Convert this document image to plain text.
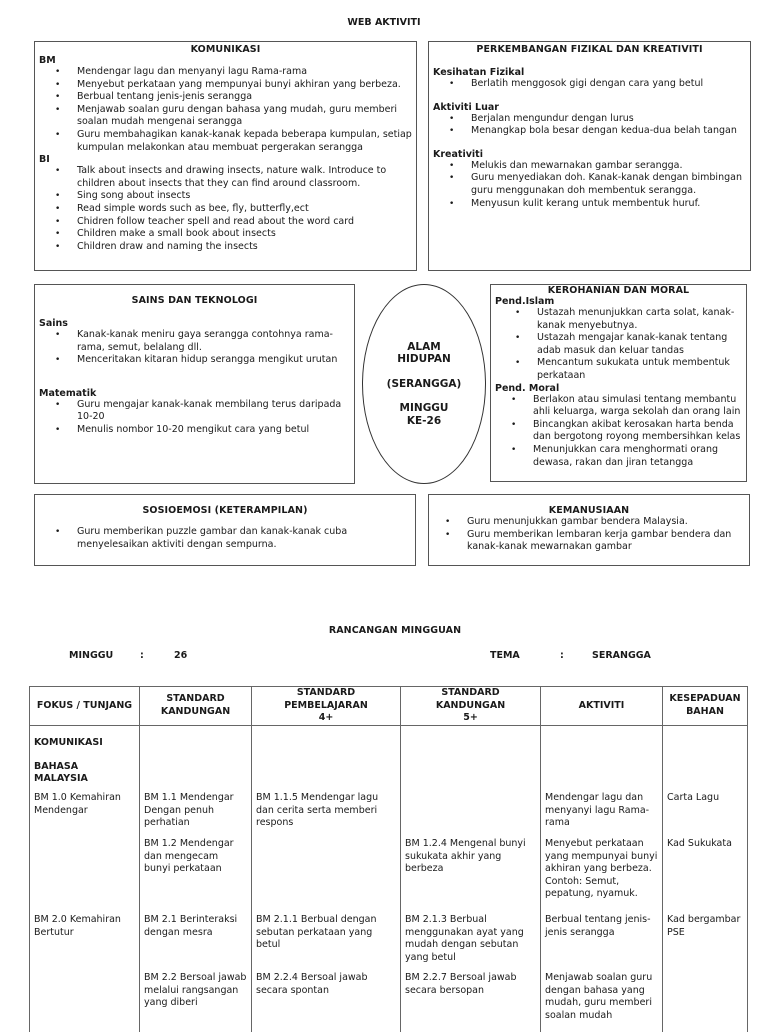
WEB AKTIVITI
KOMUNIKASI
BM
• Mendengar lagu dan menyanyi lagu Rama-rama
• Menyebut perkataan yang mempunyai bunyi akhiran yang berbeza.
• Berbual tentang jenis-jenis serangga
• Menjawab soalan guru dengan bahasa yang mudah, guru memberi soalan mudah mengenai serangga
• Guru membahagikan kanak-kanak kepada beberapa kumpulan, setiap kumpulan melakonkan atau membuat pergerakan serangga
BI
• Talk about insects and drawing insects, nature walk. Introduce to children about insects that they can find around classroom.
• Sing song about insects
• Read simple words such as bee, fly, butterfly,ect
• Chidren follow teacher spell and read about the word card
• Children make a small book about insects
• Children draw and naming the insects
PERKEMBANGAN FIZIKAL DAN KREATIVITI
Kesihatan Fizikal
• Berlatih menggosok gigi dengan cara yang betul
Aktiviti Luar
• Berjalan mengundur dengan lurus
• Menangkap bola besar dengan kedua-dua belah tangan
Kreativiti
• Melukis dan mewarnakan gambar serangga.
• Guru menyediakan doh. Kanak-kanak dengan bimbingan guru menggunakan doh membentuk serangga.
• Menyusun kulit kerang untuk membentuk huruf.
SAINS DAN TEKNOLOGI
Sains
• Kanak-kanak meniru gaya serangga contohnya rama-rama, semut, belalang dll.
• Menceritakan kitaran hidup serangga mengikut urutan
Matematik
• Guru mengajar kanak-kanak membilang terus daripada 10-20
• Menulis nombor 10-20 mengikut cara yang betul
ALAM
HIDUPAN
(SERANGGA)
MINGGU
KE-26
KEROHANIAN DAN MORAL
Pend.Islam
• Ustazah menunjukkan carta solat, kanak-kanak menyebutnya.
• Ustazah mengajar kanak-kanak tentang adab masuk dan keluar tandas
• Mencantum sukukata untuk membentuk perkataan
Pend. Moral
• Berlakon atau simulasi tentang membantu ahli keluarga, warga sekolah dan orang lain
• Bincangkan akibat kerosakan harta benda dan bergotong royong membersihkan kelas
• Menunjukkan cara menghormati orang dewasa, rakan dan jiran tetangga
SOSIOEMOSI (KETERAMPILAN)
• Guru memberikan puzzle gambar dan kanak-kanak cuba menyelesaikan aktiviti dengan sempurna.
KEMANUSIAAN
• Guru menunjukkan gambar bendera Malaysia.
• Guru memberikan lembaran kerja gambar bendera dan kanak-kanak mewarnakan gambar
RANCANGAN MINGGUAN
MINGGU	:	26	TEMA	:	SERANGGA
FOKUS / TUNJANG

STANDARD
KANDUNGAN

STANDARD
PEMBELAJARAN
4+

STANDARD
KANDUNGAN
5+

AKTIVITI

KESEPADUAN
BAHAN

KOMUNIKASI
BAHASA MALAYSIA					

BM 1.0 Kemahiran Mendengar	BM 1.1 Mendengar Dengan penuh perhatian	BM 1.1.5 Mendengar lagu dan cerita serta memberi respons		Mendengar lagu dan menyanyi lagu Rama-rama	Carta Lagu

	BM 1.2 Mendengar dan mengecam bunyi perkataan		BM 1.2.4 Mengenal bunyi sukukata akhir yang berbeza	Menyebut perkataan yang mempunyai bunyi akhiran yang berbeza. Contoh: Semut, pepatung, nyamuk.	Kad Sukukata

BM 2.0 Kemahiran Bertutur	BM 2.1 Berinteraksi dengan mesra	BM 2.1.1 Berbual dengan sebutan perkataan yang betul	BM 2.1.3 Berbual menggunakan ayat yang mudah dengan sebutan yang betul	Berbual tentang jenis-jenis serangga	Kad bergambar PSE

	BM 2.2 Bersoal jawab melalui rangsangan yang diberi	BM 2.2.4 Bersoal jawab secara spontan	BM 2.2.7 Bersoal jawab secara bersopan	Menjawab soalan guru dengan bahasa yang mudah, guru memberi soalan mudah	
